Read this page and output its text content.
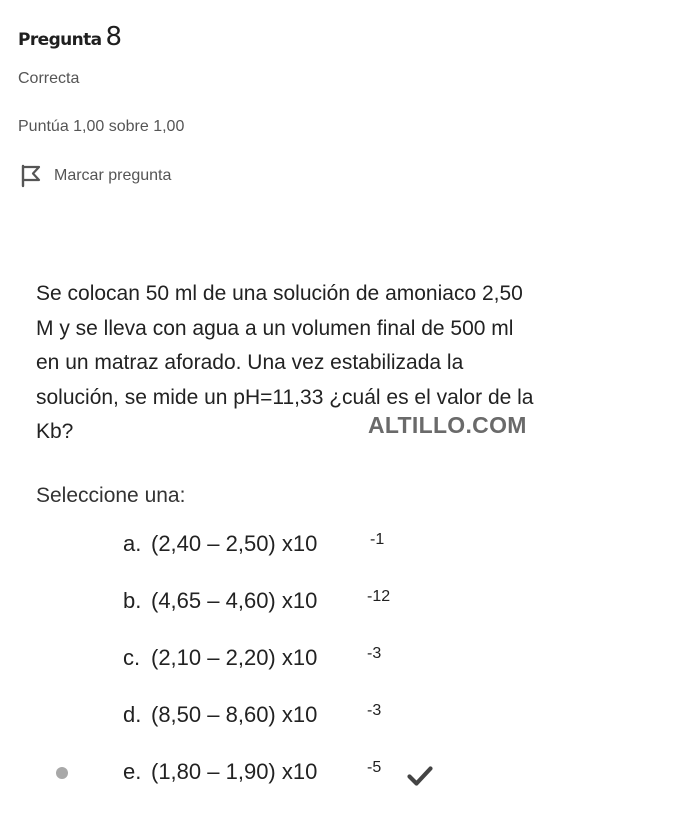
Pregunta 8
Correcta
Puntúa 1,00 sobre 1,00
Marcar pregunta
Se colocan 50 ml de una solución de amoniaco 2,50
M y se lleva con agua a un volumen final de 500 ml
en un matraz aforado. Una vez estabilizada la
solución, se mide un pH=11,33 ¿cuál es el valor de la
Kb?	ALTILLO.COM
Seleccione una:
a. (2,40 – 2,50) x10	-1
b. (4,65 – 4,60) x10	-12
c. (2,10 – 2,20) x10	-3
d. (8,50 – 8,60) x10	-3
e. (1,80 – 1,90) x10	-5
